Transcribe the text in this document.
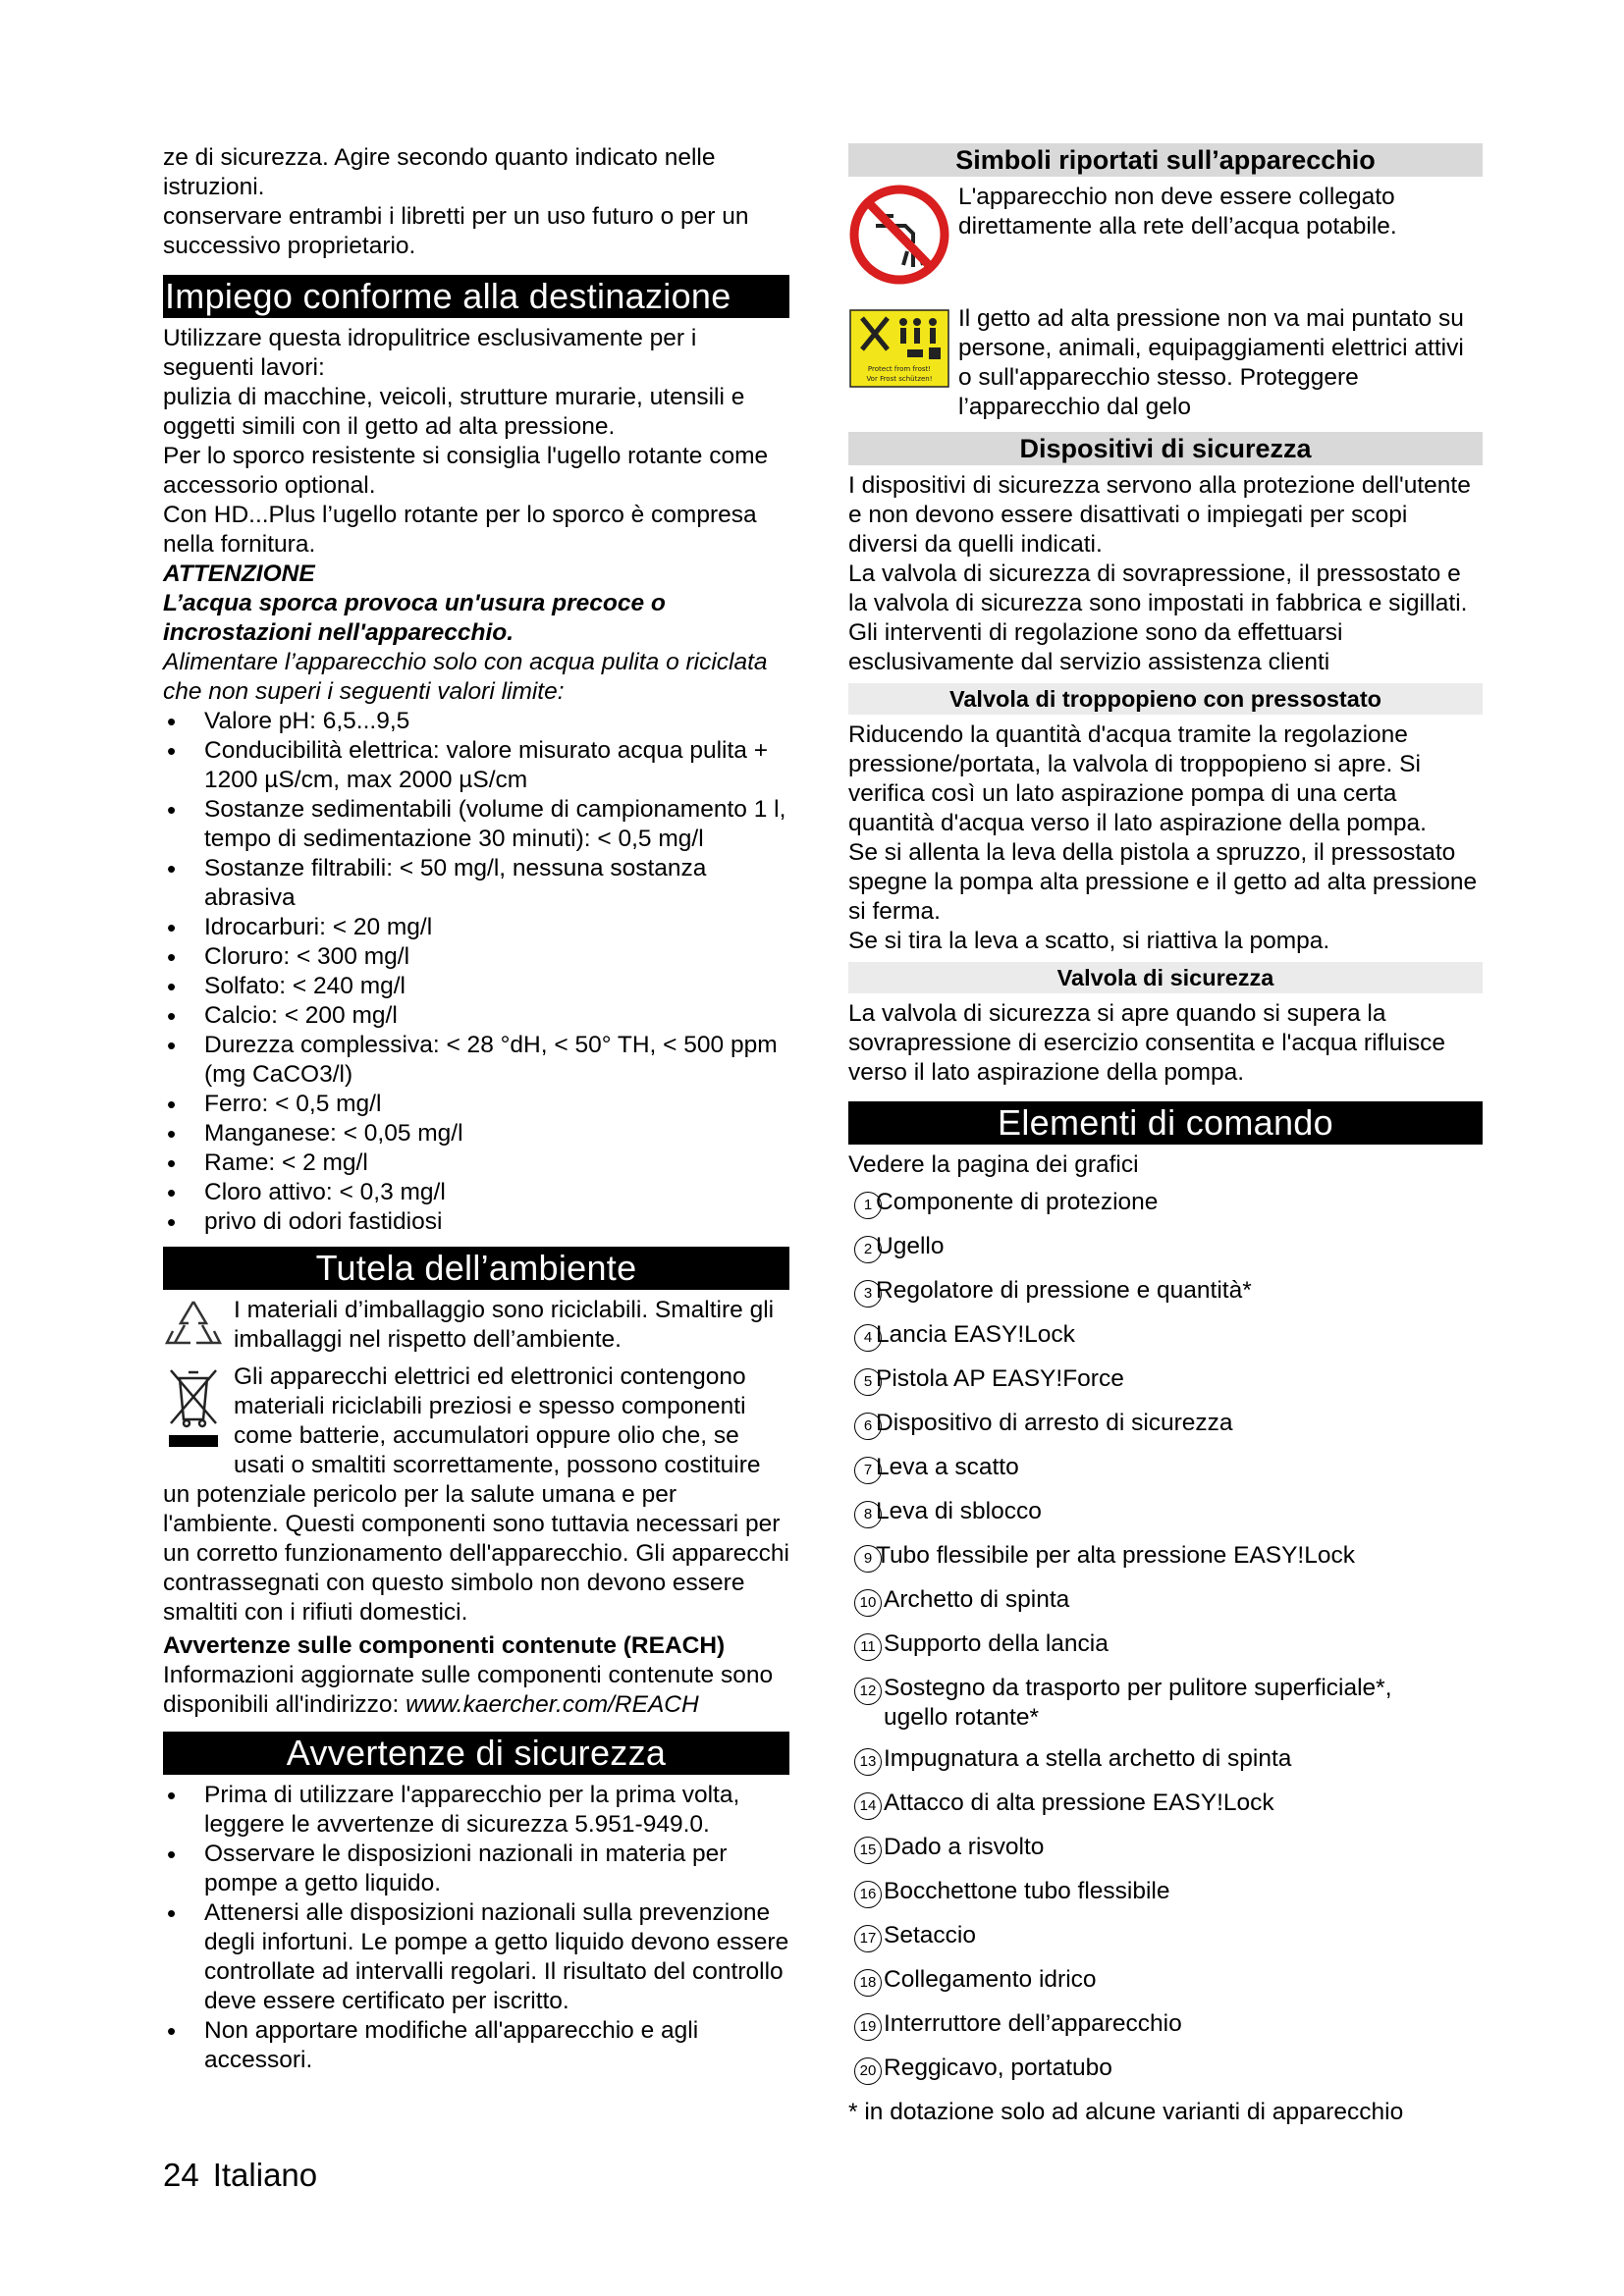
ze di sicurezza. Agire secondo quanto indicato nelle istruzioni.

conservare entrambi i libretti per un uso futuro o per un successivo proprietario.

Impiego conforme alla destinazione

Utilizzare questa idropulitrice esclusivamente per i seguenti lavori:

pulizia di macchine, veicoli, strutture murarie, utensili e oggetti simili con il getto ad alta pressione.

Per lo sporco resistente si consiglia l'ugello rotante come accessorio optional.

Con HD...Plus l’ugello rotante per lo sporco è compresa nella fornitura.

ATTENZIONE

L’acqua sporca provoca un'usura precoce o incrostazioni nell'apparecchio.

Alimentare l’apparecchio solo con acqua pulita o riciclata che non superi i seguenti valori limite:

• Valore pH: 6,5...9,5
• Conducibilità elettrica: valore misurato acqua pulita + 1200 µS/cm, max 2000 µS/cm
• Sostanze sedimentabili (volume di campionamento 1 l, tempo di sedimentazione 30 minuti): < 0,5 mg/l
• Sostanze filtrabili: < 50 mg/l, nessuna sostanza abrasiva
• Idrocarburi: < 20 mg/l
• Cloruro: < 300 mg/l
• Solfato: < 240 mg/l
• Calcio: < 200 mg/l
• Durezza complessiva: < 28 °dH, < 50° TH, < 500 ppm (mg CaCO3/l)
• Ferro: < 0,5 mg/l
• Manganese: < 0,05 mg/l
• Rame: < 2 mg/l
• Cloro attivo: < 0,3 mg/l
• privo di odori fastidiosi
Tutela dell’ambiente

I materiali d’imballaggio sono riciclabili. Smaltire gli imballaggi nel rispetto dell’ambiente.

Gli apparecchi elettrici ed elettronici contengono materiali riciclabili preziosi e spesso componenti come batterie, accumulatori oppure olio che, se usati o smaltiti scorrettamente, possono costituire un potenziale pericolo per la salute umana e per l'ambiente. Questi componenti sono tuttavia necessari per un corretto funzionamento dell'apparecchio. Gli apparecchi contrassegnati con questo simbolo non devono essere smaltiti con i rifiuti domestici.

Avvertenze sulle componenti contenute (REACH)

Informazioni aggiornate sulle componenti contenute sono disponibili all'indirizzo: www.kaercher.com/REACH

Avvertenze di sicurezza
• Prima di utilizzare l'apparecchio per la prima volta, leggere le avvertenze di sicurezza 5.951-949.0.
• Osservare le disposizioni nazionali in materia per pompe a getto liquido.
• Attenersi alle disposizioni nazionali sulla prevenzione degli infortuni. Le pompe a getto liquido devono essere controllate ad intervalli regolari. Il risultato del controllo deve essere certificato per iscritto.
• Non apportare modifiche all'apparecchio e agli accessori.
Simboli riportati sull’apparecchio

L'apparecchio non deve essere collegato direttamente alla rete dell’acqua potabile.

Protect from frost!
Vor Frost schützen!

Il getto ad alta pressione non va mai puntato su persone, animali, equipaggiamenti elettrici attivi o sull'apparecchio stesso. Proteggere l’apparecchio dal gelo

Dispositivi di sicurezza

I dispositivi di sicurezza servono alla protezione dell'utente e non devono essere disattivati o impiegati per scopi diversi da quelli indicati.

La valvola di sicurezza di sovrapressione, il pressostato e la valvola di sicurezza sono impostati in fabbrica e sigillati. Gli interventi di regolazione sono da effettuarsi esclusivamente dal servizio assistenza clienti

Valvola di troppopieno con pressostato

Riducendo la quantità d'acqua tramite la regolazione pressione/portata, la valvola di troppopieno si apre. Si verifica così un lato aspirazione pompa di una certa quantità d'acqua verso il lato aspirazione della pompa.

Se si allenta la leva della pistola a spruzzo, il pressostato spegne la pompa alta pressione e il getto ad alta pressione si ferma.

Se si tira la leva a scatto, si riattiva la pompa.

Valvola di sicurezza

La valvola di sicurezza si apre quando si supera la sovrapressione di esercizio consentita e l'acqua rifluisce verso il lato aspirazione della pompa.

Elementi di comando

Vedere la pagina dei grafici

1 Componente di protezione
2 Ugello
3 Regolatore di pressione e quantità*
4 Lancia EASY!Lock
5 Pistola AP EASY!Force
6 Dispositivo di arresto di sicurezza
7 Leva a scatto
8 Leva di sblocco
9 Tubo flessibile per alta pressione EASY!Lock
10 Archetto di spinta
11 Supporto della lancia
12 Sostegno da trasporto per pulitore superficiale*, ugello rotante*
13 Impugnatura a stella archetto di spinta
14 Attacco di alta pressione EASY!Lock
15 Dado a risvolto
16 Bocchettone tubo flessibile
17 Setaccio
18 Collegamento idrico
19 Interruttore dell’apparecchio
20 Reggicavo, portatubo

* in dotazione solo ad alcune varianti di apparecchio

24 Italiano
